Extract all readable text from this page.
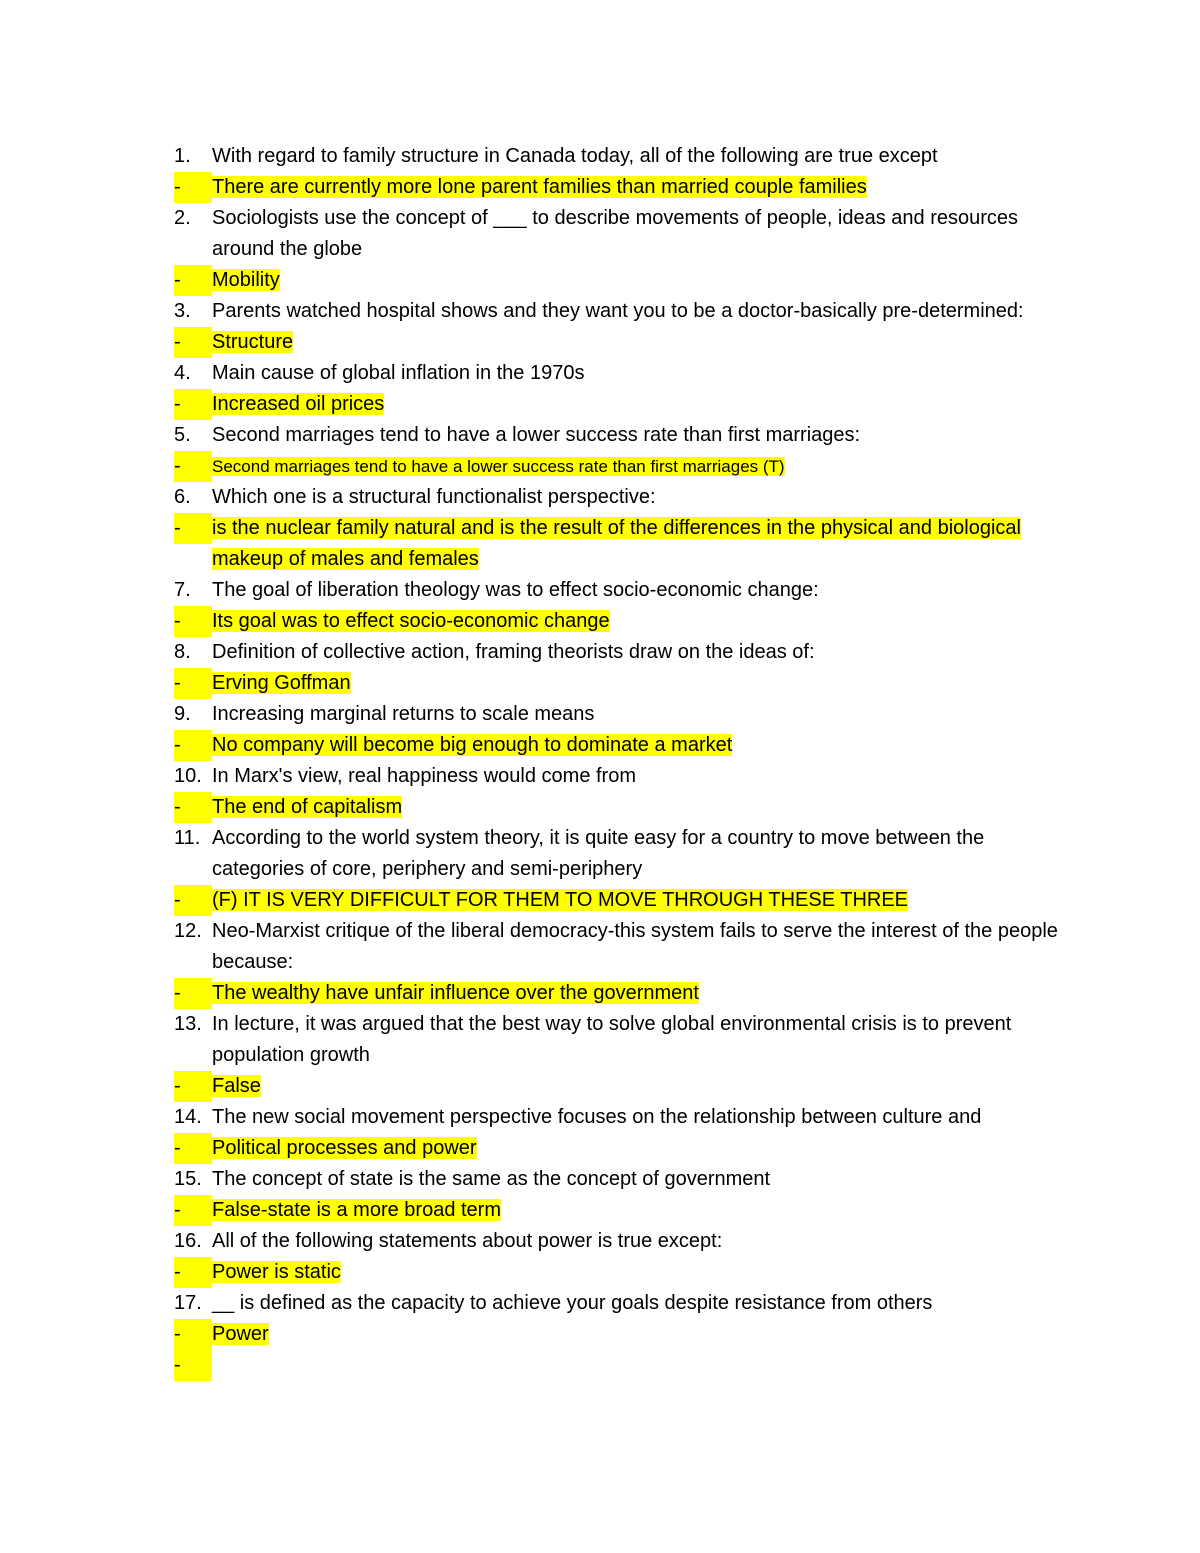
1.	With regard to family structure in Canada today, all of the following are true except
-	There are currently more lone parent families than married couple families
2.	Sociologists use the concept of ___ to describe movements of people, ideas and resources around the globe
-	Mobility
3.	Parents watched hospital shows and they want you to be a doctor-basically pre-determined:
-	Structure
4.	Main cause of global inflation in the 1970s
-	Increased oil prices
5.	Second marriages tend to have a lower success rate than first marriages:
-	Second marriages tend to have a lower success rate than first marriages (T)
6.	Which one is a structural functionalist perspective:
-	is the nuclear family natural and is the result of the differences in the physical and biological makeup of males and females
7.	The goal of liberation theology was to effect socio-economic change:
-	Its goal was to effect socio-economic change
8.	Definition of collective action, framing theorists draw on the ideas of:
-	Erving Goffman
9.	Increasing marginal returns to scale means
-	No company will become big enough to dominate a market
10. In Marx's view, real happiness would come from
-	The end of capitalism
11. According to the world system theory, it is quite easy for a country to move between the categories of core, periphery and semi-periphery
-	(F) IT IS VERY DIFFICULT FOR THEM TO MOVE THROUGH THESE THREE
12. Neo-Marxist critique of the liberal democracy-this system fails to serve the interest of the people because:
-	The wealthy have unfair influence over the government
13. In lecture, it was argued that the best way to solve global environmental crisis is to prevent population growth
-	False
14. The new social movement perspective focuses on the relationship between culture and
-	Political processes and power
15. The concept of state is the same as the concept of government
-	False-state is a more broad term
16. All of the following statements about power is true except:
-	Power is static
17. __ is defined as the capacity to achieve your goals despite resistance from others
-	Power
-
